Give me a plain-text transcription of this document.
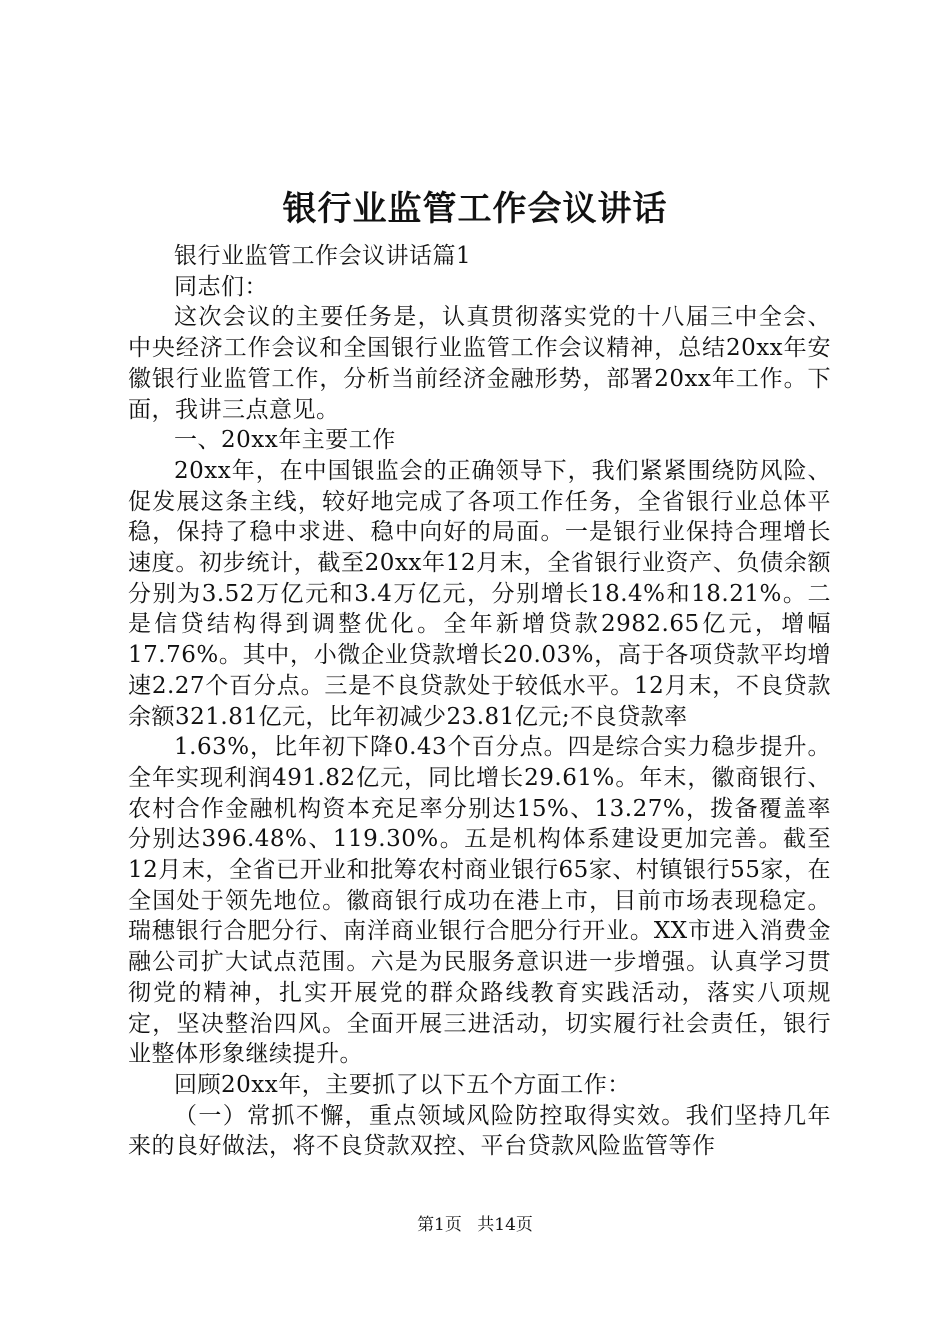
银行业监管工作会议讲话

银行业监管工作会议讲话篇1

同志们：

这次会议的主要任务是，认真贯彻落实党的十八届三中全会、中央经济工作会议和全国银行业监管工作会议精神，总结20xx年安徽银行业监管工作，分析当前经济金融形势，部署20xx年工作。下面，我讲三点意见。

一、20xx年主要工作

20xx年，在中国银监会的正确领导下，我们紧紧围绕防风险、促发展这条主线，较好地完成了各项工作任务，全省银行业总体平稳，保持了稳中求进、稳中向好的局面。一是银行业保持合理增长速度。初步统计，截至20xx年12月末，全省银行业资产、负债余额分别为3.52万亿元和3.4万亿元，分别增长18.4%和18.21%。二是信贷结构得到调整优化。全年新增贷款2982.65亿元，增幅17.76%。其中，小微企业贷款增长20.03%，高于各项贷款平均增速2.27个百分点。三是不良贷款处于较低水平。12月末，不良贷款余额321.81亿元，比年初减少23.81亿元;不良贷款率

1.63%，比年初下降0.43个百分点。四是综合实力稳步提升。全年实现利润491.82亿元，同比增长29.61%。年末，徽商银行、农村合作金融机构资本充足率分别达15%、13.27%，拨备覆盖率分别达396.48%、119.30%。五是机构体系建设更加完善。截至12月末，全省已开业和批筹农村商业银行65家、村镇银行55家，在全国处于领先地位。徽商银行成功在港上市，目前市场表现稳定。瑞穗银行合肥分行、南洋商业银行合肥分行开业。XX市进入消费金融公司扩大试点范围。六是为民服务意识进一步增强。认真学习贯彻党的精神，扎实开展党的群众路线教育实践活动，落实八项规定，坚决整治四风。全面开展三进活动，切实履行社会责任，银行业整体形象继续提升。

回顾20xx年，主要抓了以下五个方面工作：

（一）常抓不懈，重点领域风险防控取得实效。我们坚持几年来的良好做法，将不良贷款双控、平台贷款风险监管等作

第1页 共14页
